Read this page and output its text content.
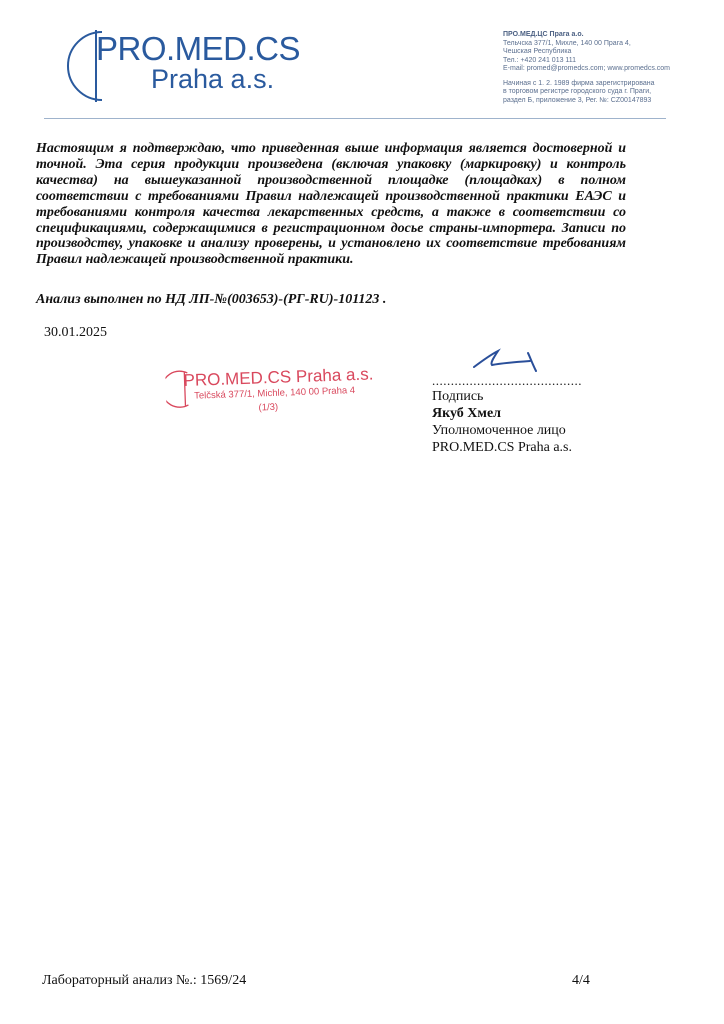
PRO.MED.CS
Praha a.s.
ПРО.МЕД.ЦС Прага а.о.
Тельчска 377/1, Михле, 140 00 Прага 4,
Чешская Республика
Тел.: +420 241 013 111
E-mail: promed@promedcs.com; www.promedcs.com
Начиная с 1. 2. 1989 фирма зарегистрирована
в торговом регистре городского суда г. Праги,
раздел Б, приложение 3, Рег. №: CZ00147893
Настоящим я подтверждаю, что приведенная выше информация является достоверной и точной. Эта серия продукции произведена (включая упаковку (маркировку) и контроль качества) на вышеуказанной производственной площадке (площадках) в полном соответствии с требованиями Правил надлежащей производственной практики ЕАЭС и требованиями контроля качества лекарственных средств, а также в соответствии со спецификациями, содержащимися в регистрационном досье страны-импортера. Записи по производству, упаковке и анализу проверены, и установлено их соответствие требованиям Правил надлежащей производственной практики.
Анализ выполнен по НД ЛП-№(003653)-(РГ-RU)-101123 .
30.01.2025
PRO.MED.CS Praha a.s.
Telčská 377/1, Michle, 140 00 Praha 4
(1/3)
........................................
Подпись
Якуб Хмел
Уполномоченное лицо
PRO.MED.CS Praha a.s.
Лабораторный анализ №.: 1569/24	4/4
